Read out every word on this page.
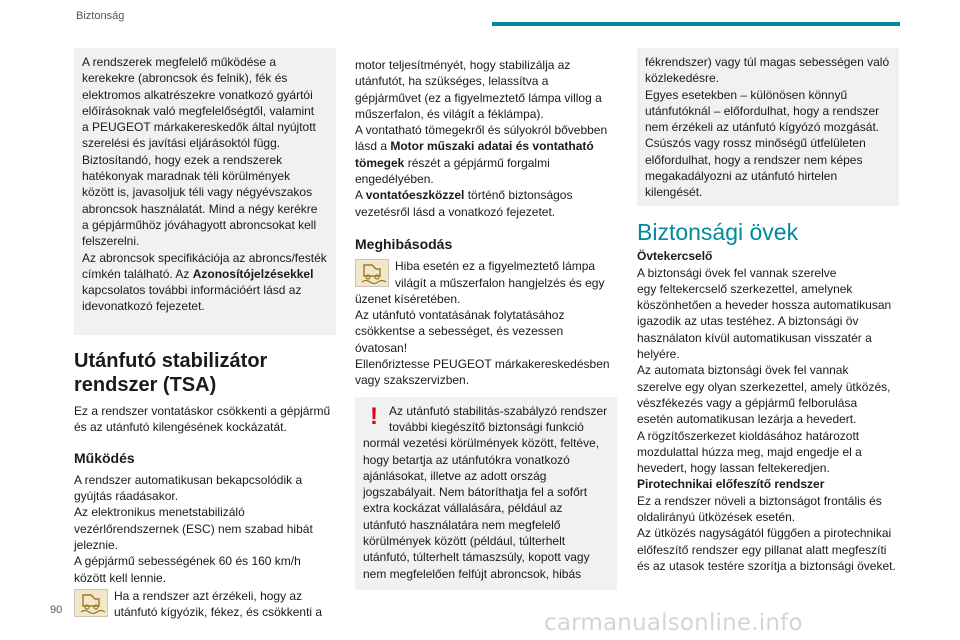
Biztonság

A rendszerek megfelelő működése a

kerekekre (abroncsok és felnik), fék és

elektromos alkatrészekre vonatkozó gyártói

előírásoknak való megfelelőségtől, valamint

a PEUGEOT márkakereskedők által nyújtott

szerelési és javítási eljárásoktól függ.

Biztosítandó, hogy ezek a rendszerek

hatékonyak maradnak téli körülmények

között is, javasoljuk téli vagy négyévszakos

abroncsok használatát. Mind a négy kerékre

a gépjárműhöz jóváhagyott abroncsokat kell

felszerelni.

Az abroncsok specifikációja az abroncs/festék

címkén található. Az Azonosítójelzésekkel

kapcsolatos további információért lásd az

idevonatkozó fejezetet.

Utánfutó stabilizátor
rendszer (TSA)

Ez a rendszer vontatáskor csökkenti a gépjármű

és az utánfutó kilengésének kockázatát.

Működés

A rendszer automatikusan bekapcsolódik a

gyújtás ráadásakor.

Az elektronikus menetstabilizáló

vezérlőrendszernek (ESC) nem szabad hibát

jeleznie.

A gépjármű sebességének 60 és 160 km/h

között kell lennie.

Ha a rendszer azt érzékeli, hogy az

utánfutó kígyózik, fékez, és csökkenti a

motor teljesítményét, hogy stabilizálja az

utánfutót, ha szükséges, lelassítva a

gépjárművet (ez a figyelmeztető lámpa villog a

műszerfalon, és világít a féklámpa).

A vontatható tömegekről és súlyokról bővebben

lásd a Motor műszaki adatai és vontatható

tömegek részét a gépjármű forgalmi

engedélyében.

A vontatóeszközzel történő biztonságos

vezetésről lásd a vonatkozó fejezetet.

Meghibásodás

Hiba esetén ez a figyelmeztető lámpa

világít a műszerfalon hangjelzés és egy

üzenet kíséretében.

Az utánfutó vontatásának folytatásához

csökkentse a sebességet, és vezessen

óvatosan!

Ellenőriztesse PEUGEOT márkakereskedésben

vagy szakszervizben.

! Az utánfutó stabilitás-szabályzó rendszer

további kiegészítő biztonsági funkció

normál vezetési körülmények között, feltéve,

hogy betartja az utánfutókra vonatkozó

ajánlásokat, illetve az adott ország

jogszabályait. Nem bátoríthatja fel a sofőrt

extra kockázat vállalására, például az

utánfutó használatára nem megfelelő

körülmények között (például, túlterhelt

utánfutó, túlterhelt támaszsúly, kopott vagy

nem megfelelően felfújt abroncsok, hibás

fékrendszer) vagy túl magas sebességen való

közlekedésre.

Egyes esetekben – különösen könnyű

utánfutóknál – előfordulhat, hogy a rendszer

nem érzékeli az utánfutó kígyózó mozgását.

Csúszós vagy rossz minőségű útfelületen

előfordulhat, hogy a rendszer nem képes

megakadályozni az utánfutó hirtelen

kilengését.

Biztonsági övek

Övtekercselő

A biztonsági övek fel vannak szerelve

egy feltekercselő szerkezettel, amelynek

köszönhetően a heveder hossza automatikusan

igazodik az utas testéhez. A biztonsági öv

használaton kívül automatikusan visszatér a

helyére.

Az automata biztonsági övek fel vannak

szerelve egy olyan szerkezettel, amely ütközés,

vészfékezés vagy a gépjármű felborulása

esetén automatikusan lezárja a hevedert.

A rögzítőszerkezet kioldásához határozott

mozdulattal húzza meg, majd engedje el a

hevedert, hogy lassan feltekeredjen.

Pirotechnikai előfeszítő rendszer

Ez a rendszer növeli a biztonságot frontális és

oldalirányú ütközések esetén.

Az ütközés nagyságától függően a pirotechnikai

előfeszítő rendszer egy pillanat alatt megfeszíti

és az utasok testére szorítja a biztonsági öveket.

90	carmanualsonline.info
